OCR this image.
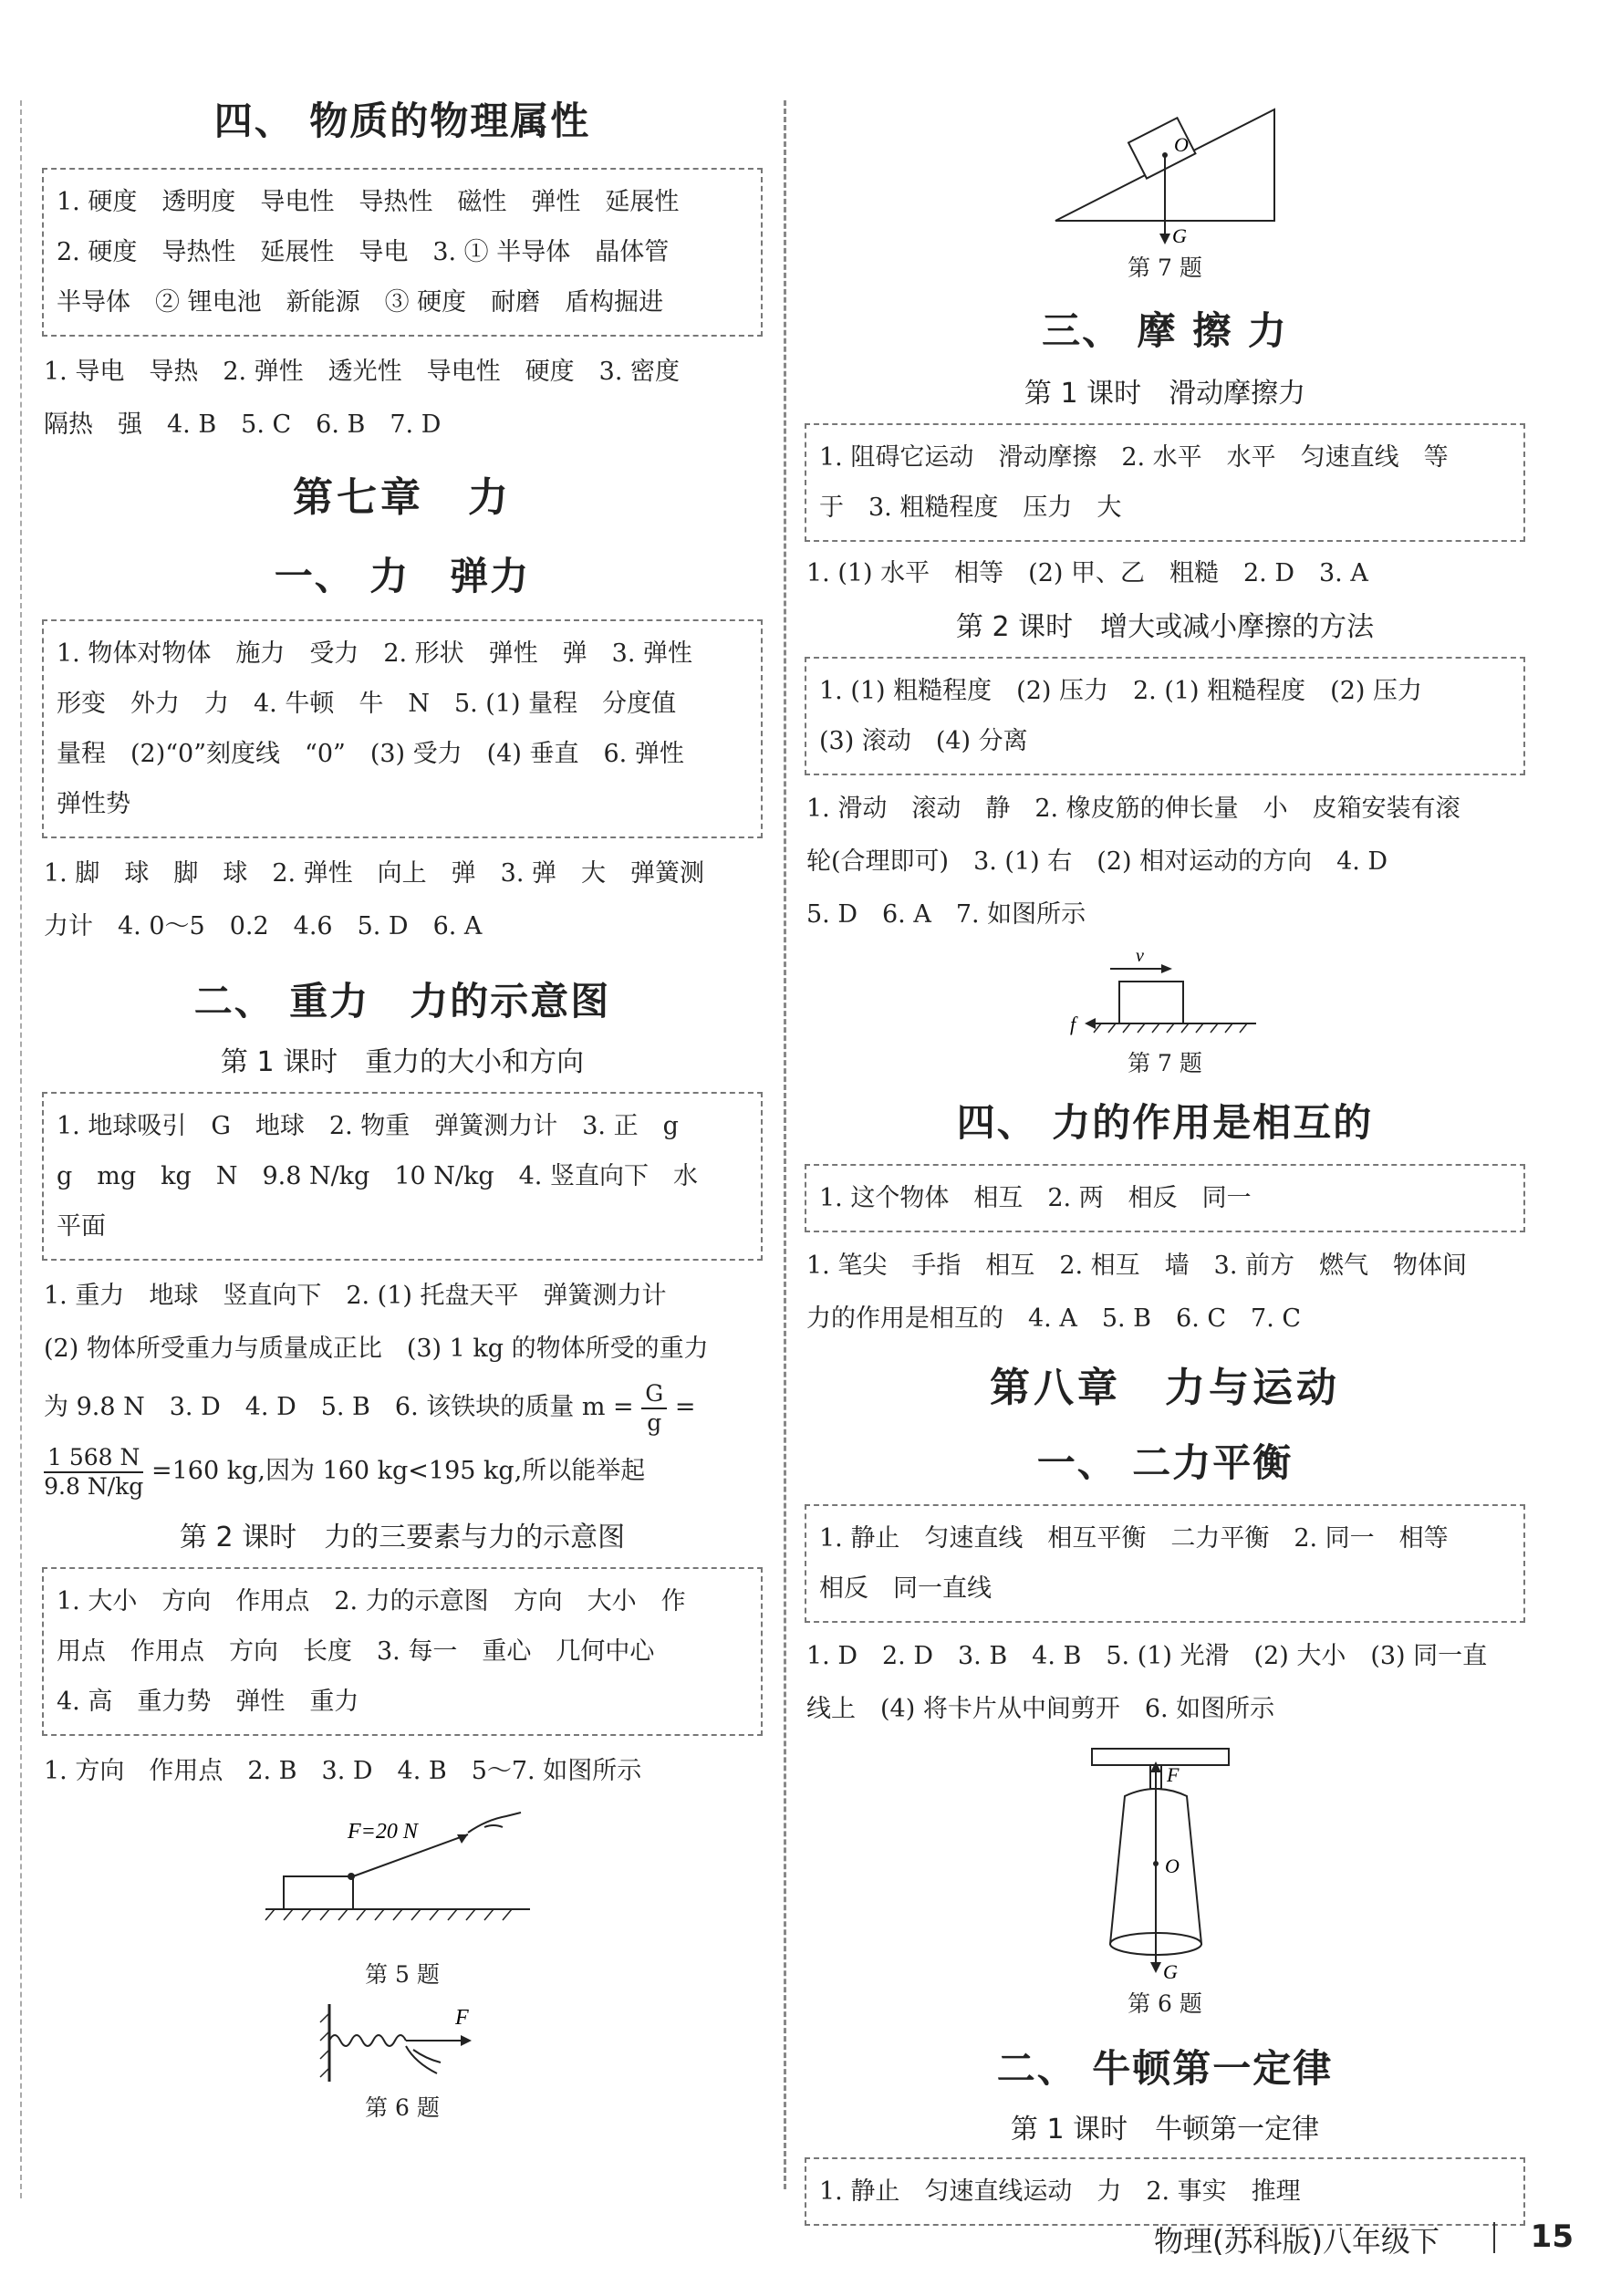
四、 物质的物理属性
1. 硬度　透明度　导电性　导热性　磁性　弹性　延展性
2. 硬度　导热性　延展性　导电　3. ① 半导体　晶体管
半导体　② 锂电池　新能源　③ 硬度　耐磨　盾构掘进
1. 导电　导热　2. 弹性　透光性　导电性　硬度　3. 密度
隔热　强　4. B　5. C　6. B　7. D
第七章　力
一、 力　弹力
1. 物体对物体　施力　受力　2. 形状　弹性　弹　3. 弹性
形变　外力　力　4. 牛顿　牛　N　5. (1) 量程　分度值
量程　(2)“0”刻度线　“0”　(3) 受力　(4) 垂直　6. 弹性
弹性势
1. 脚　球　脚　球　2. 弹性　向上　弹　3. 弹　大　弹簧测
力计　4. 0～5　0.2　4.6　5. D　6. A
二、 重力　力的示意图
第 1 课时　重力的大小和方向
1. 地球吸引　G　地球　2. 物重　弹簧测力计　3. 正　g
g　mg　kg　N　9.8 N/kg　10 N/kg　4. 竖直向下　水
平面
1. 重力　地球　竖直向下　2. (1) 托盘天平　弹簧测力计
(2) 物体所受重力与质量成正比　(3) 1 kg 的物体所受的重力
为 9.8 N　3. D　4. D　5. B　6. 该铁块的质量 $m = \frac{G}{g}$ =
$\frac{1 568 N}{9.8 N/kg} =160$ kg,因为 160 kg<195 kg,所以能举起
第 2 课时　力的三要素与力的示意图
1. 大小　方向　作用点　2. 力的示意图　方向　大小　作
用点　作用点　方向　长度　3. 每一　重心　几何中心
4. 高　重力势　弹性　重力
1. 方向　作用点　2. B　3. D　4. B　5～7. 如图所示
F=20 N
第 5 题
F
第 6 题
O
G
第 7 题
三、 摩 擦 力
第 1 课时　滑动摩擦力
1. 阻碍它运动　滑动摩擦　2. 水平　水平　匀速直线　等
于　3. 粗糙程度　压力　大
1. (1) 水平　相等　(2) 甲、乙　粗糙　2. D　3. A
第 2 课时　增大或减小摩擦的方法
1. (1) 粗糙程度　(2) 压力　2. (1) 粗糙程度　(2) 压力
(3) 滚动　(4) 分离
1. 滑动　滚动　静　2. 橡皮筋的伸长量　小　皮箱安装有滚
轮(合理即可)　3. (1) 右　(2) 相对运动的方向　4. D
5. D　6. A　7. 如图所示
v
f
第 7 题
四、 力的作用是相互的
1. 这个物体　相互　2. 两　相反　同一
1. 笔尖　手指　相互　2. 相互　墙　3. 前方　燃气　物体间
力的作用是相互的　4. A　5. B　6. C　7. C
第八章　力与运动
一、 二力平衡
1. 静止　匀速直线　相互平衡　二力平衡　2. 同一　相等
相反　同一直线
1. D　2. D　3. B　4. B　5. (1) 光滑　(2) 大小　(3) 同一直
线上　(4) 将卡片从中间剪开　6. 如图所示
F
O
G
第 6 题
二、 牛顿第一定律
第 1 课时　牛顿第一定律
1. 静止　匀速直线运动　力　2. 事实　推理
物理(苏科版)八年级下	15
